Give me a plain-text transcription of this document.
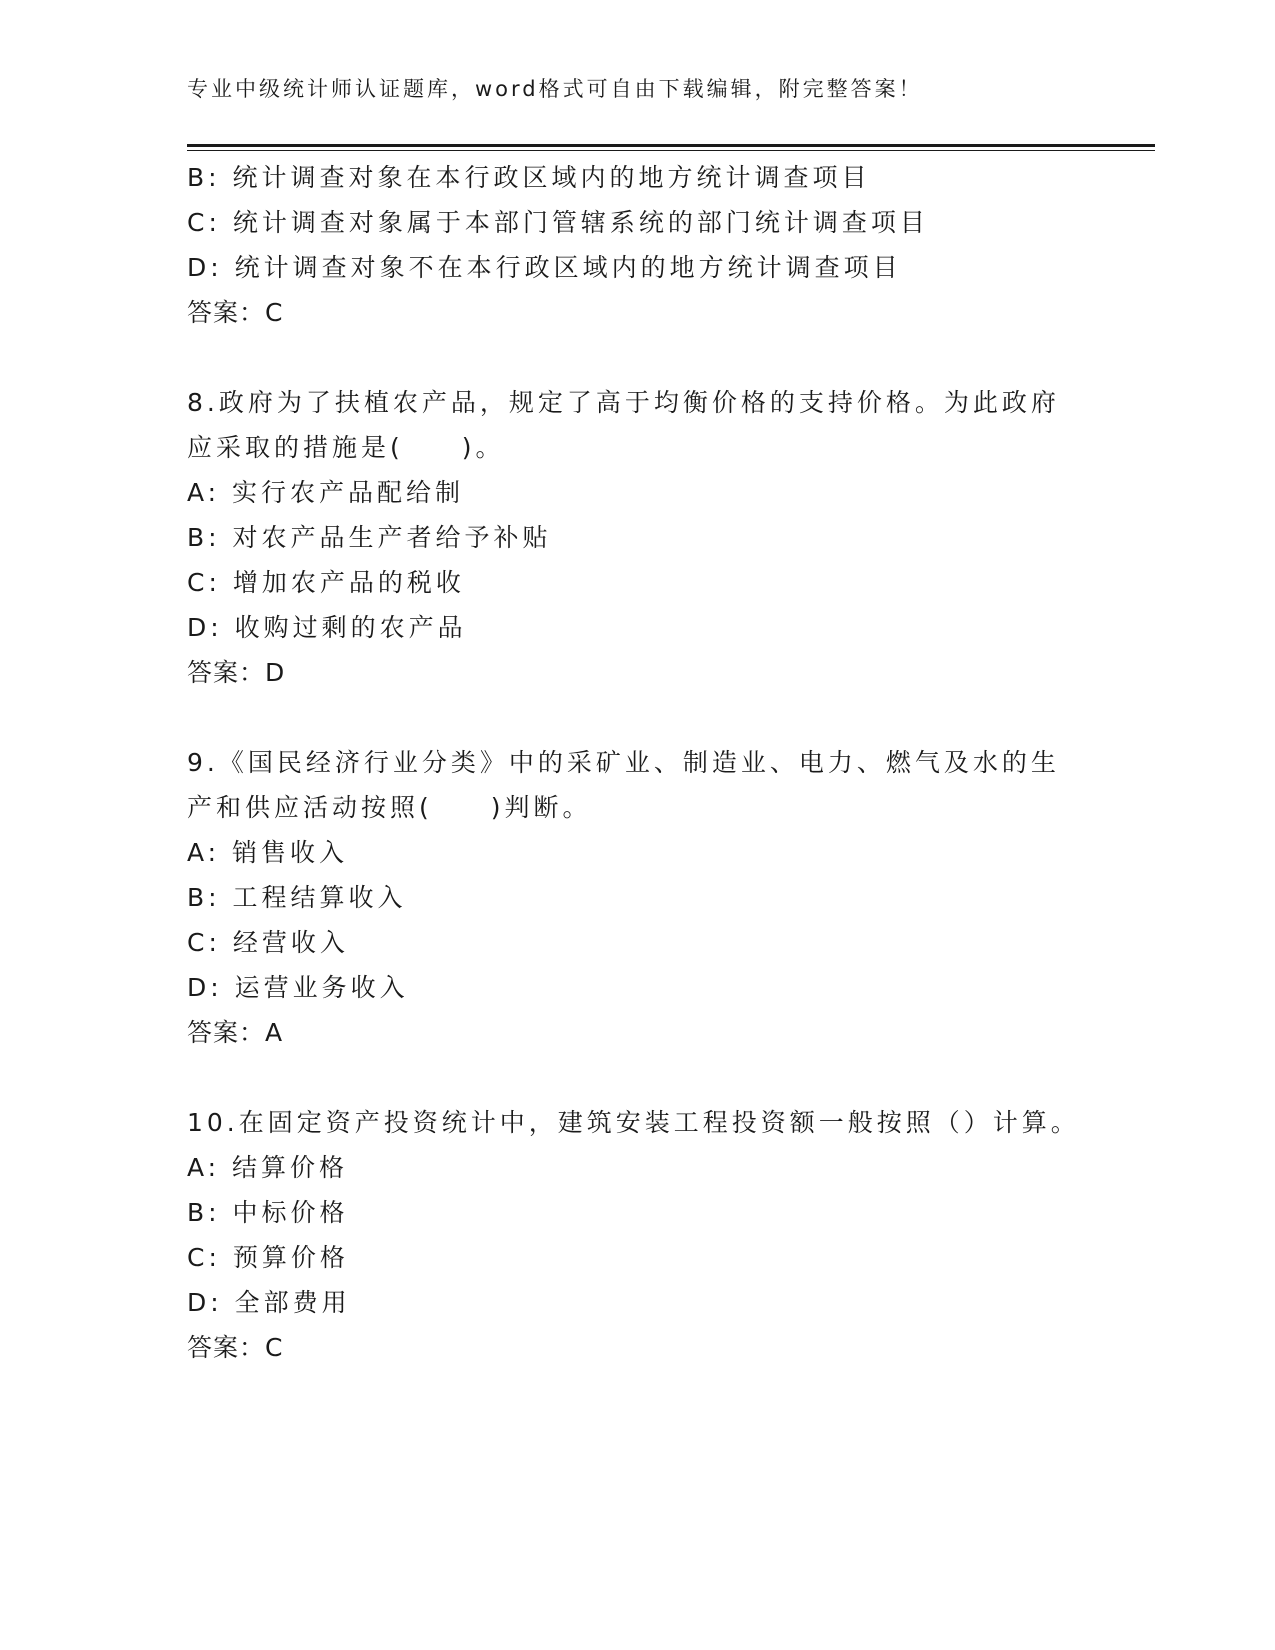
专业中级统计师认证题库，word格式可自由下载编辑，附完整答案！
B: 统计调查对象在本行政区域内的地方统计调查项目
C: 统计调查对象属于本部门管辖系统的部门统计调查项目
D: 统计调查对象不在本行政区域内的地方统计调查项目
答案：C
8.政府为了扶植农产品，规定了高于均衡价格的支持价格。为此政府
应采取的措施是(　　)。
A: 实行农产品配给制
B: 对农产品生产者给予补贴
C: 增加农产品的税收
D: 收购过剩的农产品
答案：D
9.《国民经济行业分类》中的采矿业、制造业、电力、燃气及水的生
产和供应活动按照(　　)判断。
A: 销售收入
B: 工程结算收入
C: 经营收入
D: 运营业务收入
答案：A
10.在固定资产投资统计中，建筑安装工程投资额一般按照（）计算。
A: 结算价格
B: 中标价格
C: 预算价格
D: 全部费用
答案：C
